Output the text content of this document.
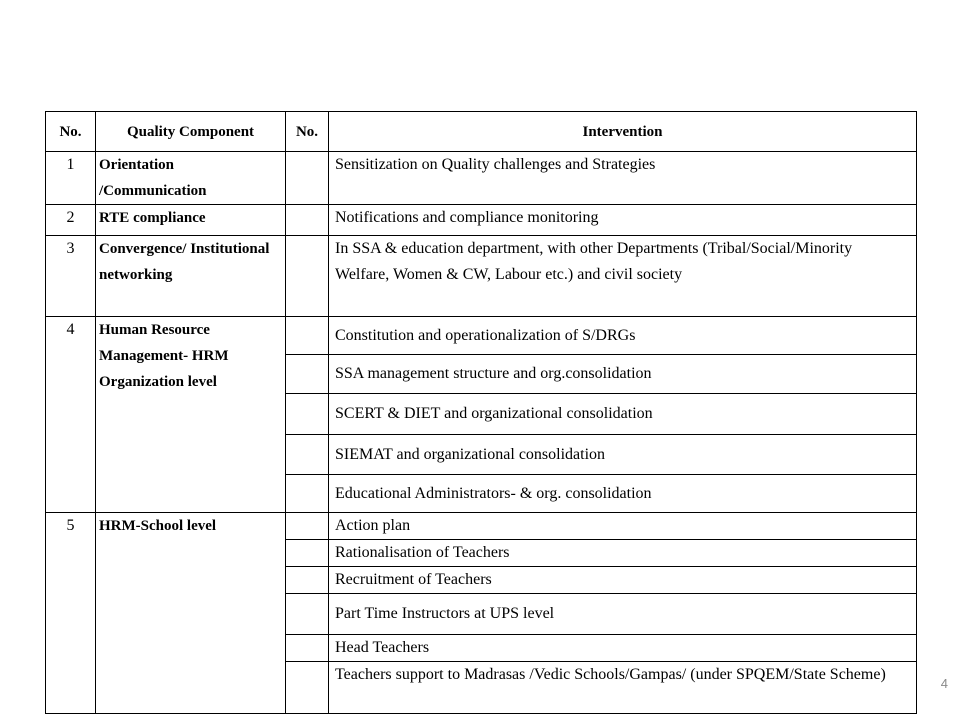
No.	Quality Component	No.	Intervention
1	Orientation /Communication		Sensitization on Quality challenges and Strategies
2	RTE compliance		Notifications and compliance monitoring
3	Convergence/ Institutional networking		In SSA & education department, with other Departments (Tribal/Social/Minority Welfare, Women & CW, Labour etc.) and civil society
4	Human Resource Management- HRM Organization level		Constitution and operationalization of S/DRGs
			SSA management structure and org.consolidation
			SCERT & DIET and organizational consolidation
			SIEMAT and organizational consolidation
			Educational Administrators- & org. consolidation
5	HRM-School level		Action plan
			Rationalisation of Teachers
			Recruitment of Teachers
			Part Time Instructors at UPS level
			Head Teachers
			Teachers support to Madrasas /Vedic Schools/Gampas/ (under SPQEM/State Scheme)
4
